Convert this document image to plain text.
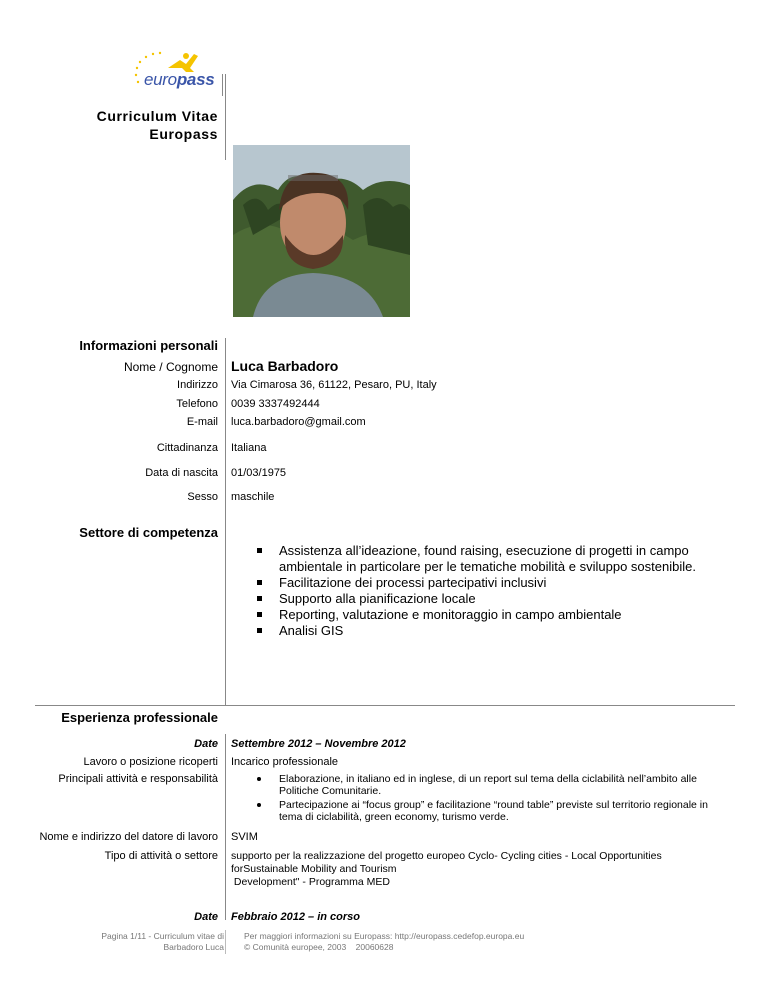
europass
Curriculum Vitae
Europass
Informazioni personali
Nome / Cognome Luca Barbadoro
Indirizzo Via Cimarosa 36, 61122, Pesaro, PU, Italy
Telefono 0039 3337492444
E-mail luca.barbadoro@gmail.com
Cittadinanza Italiana
Data di nascita 01/03/1975
Sesso maschile
Settore di competenza
Assistenza all’ideazione, found raising, esecuzione di progetti in campo ambientale in particolare per le tematiche mobilità e sviluppo sostenibile.
Facilitazione dei processi partecipativi inclusivi
Supporto alla pianificazione locale
Reporting, valutazione e monitoraggio in campo ambientale
Analisi GIS
Esperienza professionale
Date Settembre 2012 – Novembre 2012
Lavoro o posizione ricoperti Incarico professionale
Principali attività e responsabilità	Elaborazione, in italiano ed in inglese, di un report sul tema della ciclabilità nell’ambito alle Politiche Comunitarie.
Partecipazione ai “focus group” e facilitazione “round table” previste sul territorio regionale in tema di ciclabilità, green economy, turismo verde.
Nome e indirizzo del datore di lavoro SVIM
Tipo di attività o settore supporto per la realizzazione del progetto europeo Cyclo- Cycling cities - Local Opportunities
forSustainable Mobility and Tourism
Development" - Programma MED
Date Febbraio 2012 – in corso
Pagina 1/11 - Curriculum vitae di
Barbadoro Luca
Per maggiori informazioni su Europass: http://europass.cedefop.europa.eu
© Comunità europee, 2003    20060628
